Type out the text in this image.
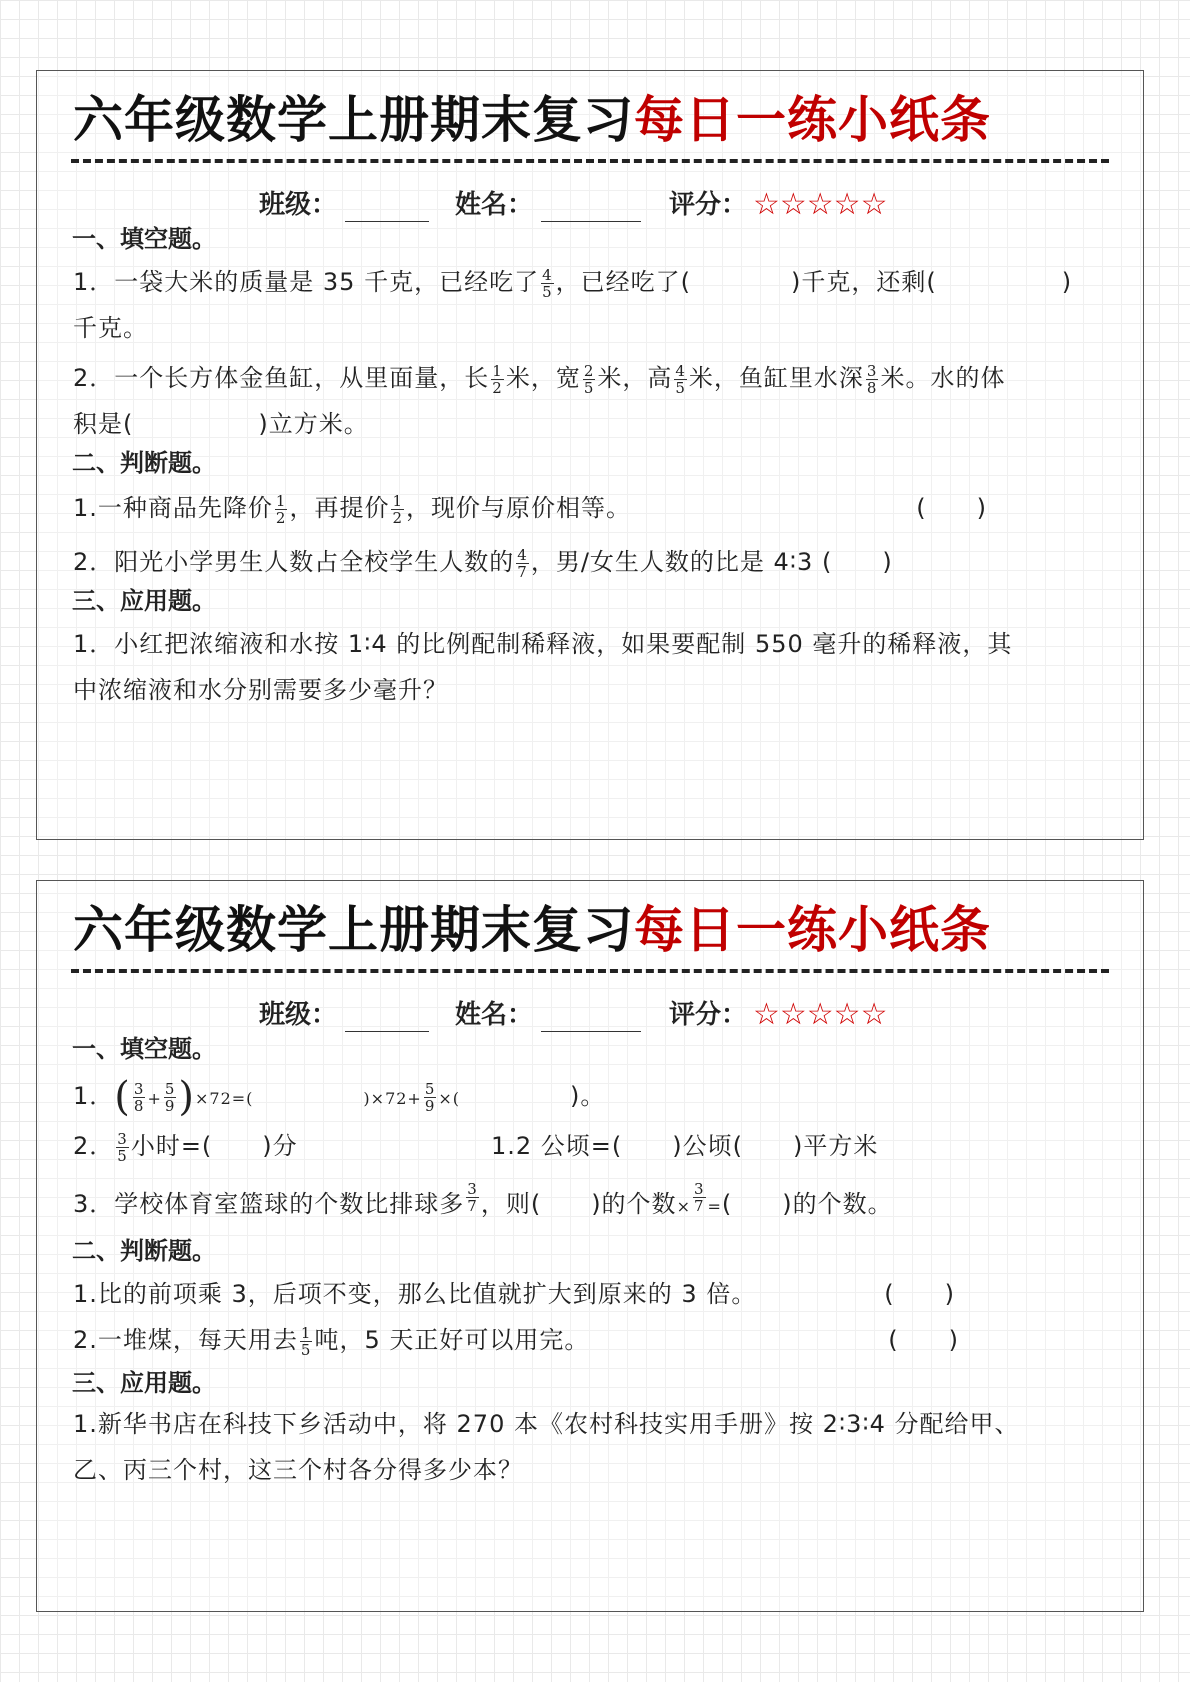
六年级数学上册期末复习每日一练小纸条
班级：	姓名：	评分： ☆☆☆☆☆
一、填空题。
1．一袋大米的质量是 35 千克，已经吃了 $\frac{4}{5}$ ，已经吃了(　　　　)千克，还剩(　　　　　)
千克。
2．一个长方体金鱼缸，从里面量，长 $\frac{1}{2}$ 米，宽 $\frac{2}{5}$ 米，高 $\frac{4}{5}$ 米，鱼缸里水深 $\frac{3}{8}$ 米。水的体
积是(　　　　　)立方米。
二、判断题。
1.一种商品先降价 $\frac{1}{2}$ ，再提价 $\frac{1}{2}$ ，现价与原价相等。	(　　)
2．阳光小学男生人数占全校学生人数的 $\frac{4}{7}$ ，男/女生人数的比是 4∶3 (　　)
三、应用题。
1．小红把浓缩液和水按 1∶4 的比例配制稀释液，如果要配制 550 毫升的稀释液，其
中浓缩液和水分别需要多少毫升？
六年级数学上册期末复习每日一练小纸条
班级：	姓名：	评分： ☆☆☆☆☆
一、填空题。
1．( $\frac{3}{8} + \frac{5}{9} )\times 72=$(	)$\times 72+ \frac{5}{9}$ ×(	)。
2． $\frac{3}{5}$ 小时=(　　)分	1.2 公顷=(　　)公顷(　　)平方米
3．学校体育室篮球的个数比排球多 $\frac{3}{7}$ ，则(　　)的个数× $\frac{3}{7}$ =(　　)的个数。
二、判断题。
1.比的前项乘 3，后项不变，那么比值就扩大到原来的 3 倍。	(　　)
2.一堆煤，每天用去 $\frac{1}{5}$ 吨，5 天正好可以用完。	(　　)
三、应用题。
1.新华书店在科技下乡活动中，将 270 本《农村科技实用手册》按 2∶3∶4 分配给甲、
乙、丙三个村，这三个村各分得多少本？
